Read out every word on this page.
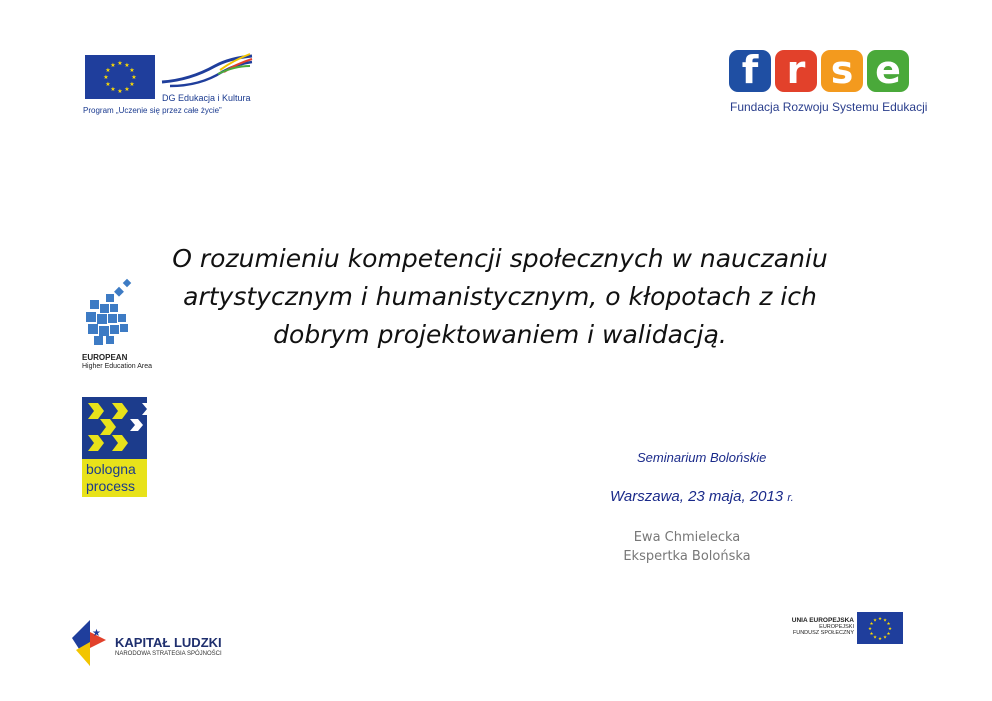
★ ★
★
★
★
★
★
★
★
★
★
★
DG Edukacja i Kultura
Program „Uczenie się przez całe życie”
f r s e
Fundacja Rozwoju Systemu Edukacji
O rozumieniu kompetencji społecznych w nauczaniu
artystycznym i humanistycznym, o kłopotach z ich
dobrym projektowaniem i walidacją.
EUROPEAN
Higher Education Area
bologna
process
Seminarium Bolońskie
Warszawa, 23 maja, 2013 r.
Ewa Chmielecka
Ekspertka Bolońska
★
KAPITAŁ LUDZKI
NARODOWA STRATEGIA SPÓJNOŚCI
UNIA EUROPEJSKA
EUROPEJSKI
FUNDUSZ SPOŁECZNY
★ ★
★
★
★
★
★
★
★
★
★
★
